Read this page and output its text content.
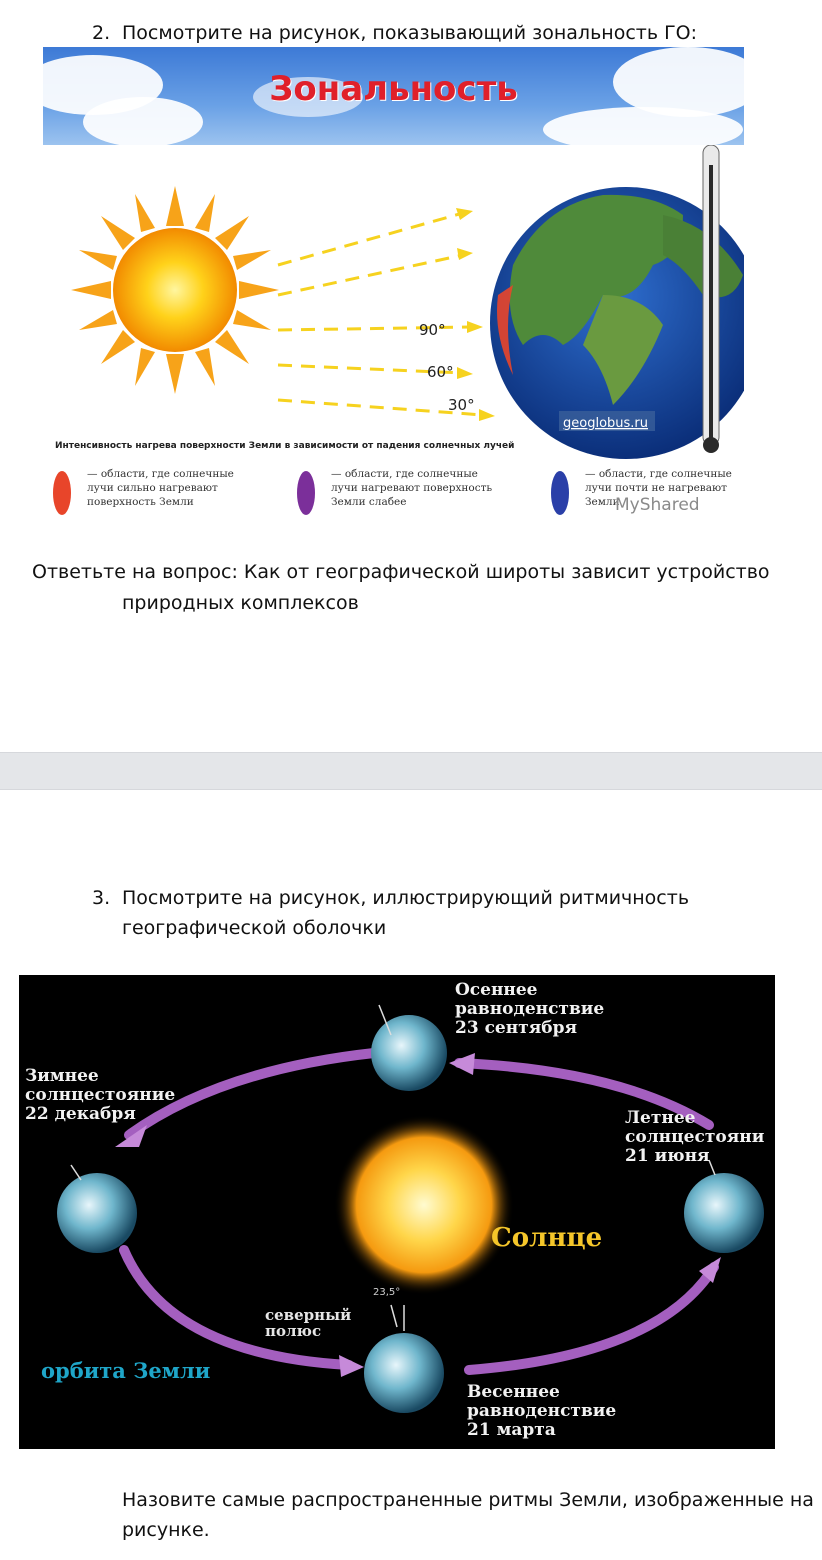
2. Посмотрите на рисунок, показывающий зональность ГО:
Зональность
90°
60°
30°
geoglobus.ru
Интенсивность нагрева поверхности Земли в зависимости от падения солнечных лучей
— области, где солнечные лучи сильно нагревают поверхность Земли
— области, где солнечные лучи нагревают поверхность Земли слабее
— области, где солнечные лучи почти не нагревают Земли
MyShared
Ответьте на вопрос: Как от географической широты зависит устройство
природных комплексов
3. Посмотрите на рисунок, иллюстрирующий ритмичность
географической оболочки
Осеннее
равноденствие
23 сентября
Зимнее
солнцестояние
22 декабря	Летнее
солнцестояни
21 июня
Солнце
северный
полюс
23,5°
орбита Земли
Весеннее
равноденствие
21 марта
Назовите самые распространенные ритмы Земли, изображенные на
рисунке.
